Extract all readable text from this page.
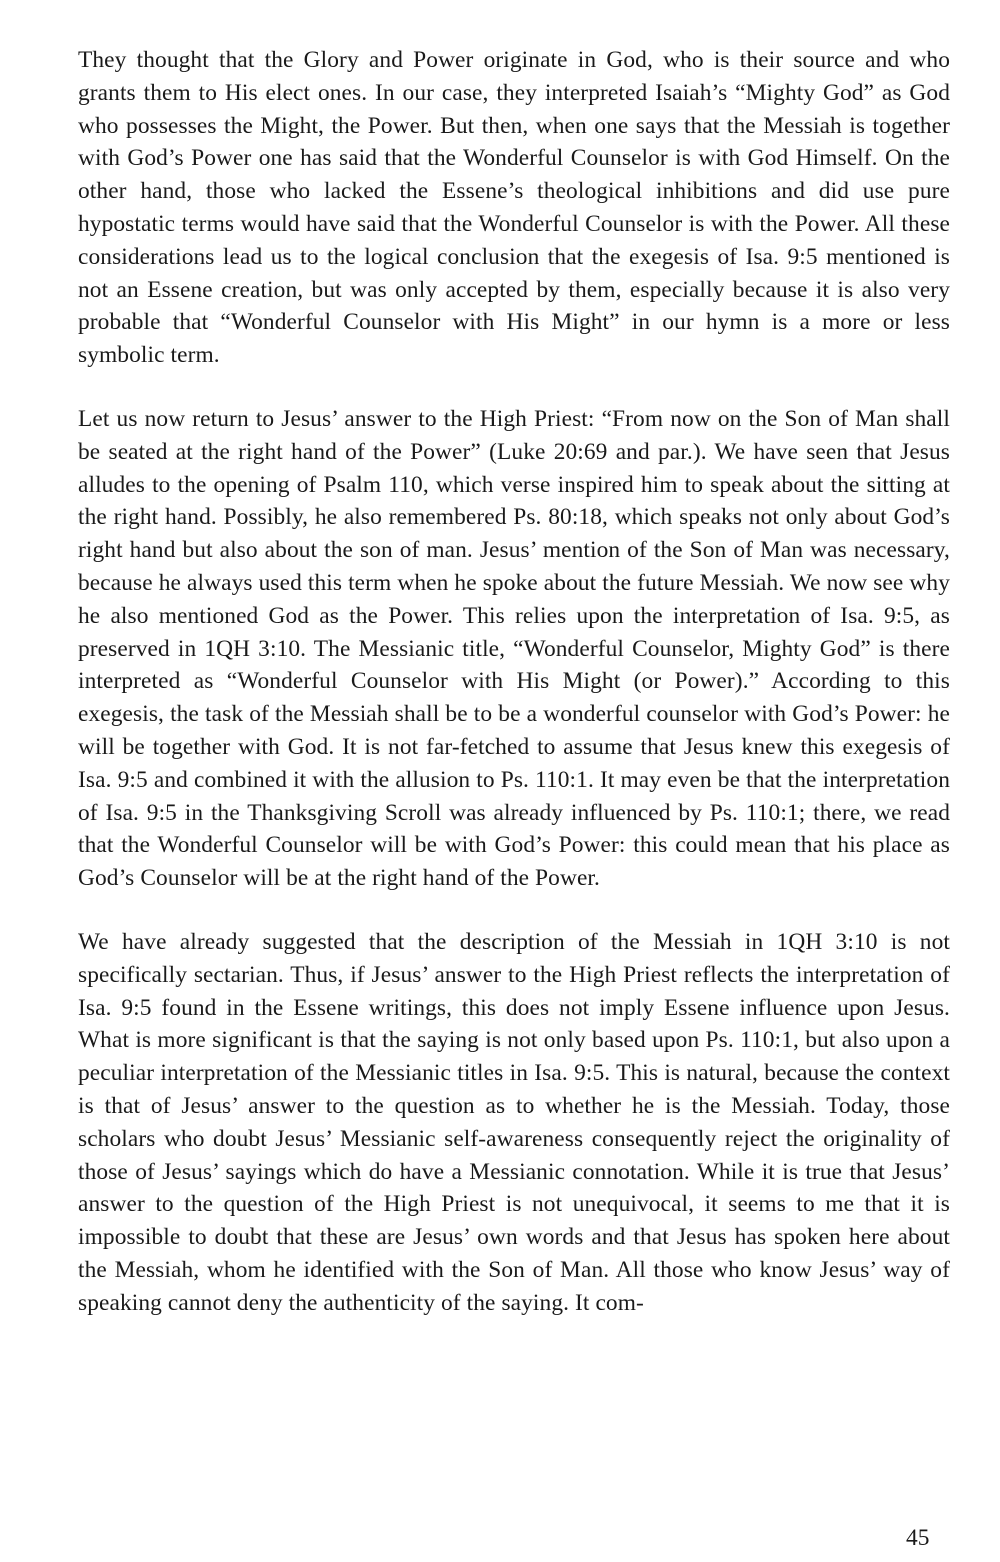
They thought that the Glory and Power originate in God, who is their source and who grants them to His elect ones. In our case, they interpreted Isaiah’s “Mighty God” as God who possesses the Might, the Power. But then, when one says that the Messiah is together with God’s Power one has said that the Wonderful Counselor is with God Himself. On the other hand, those who lacked the Essene’s theological inhibitions and did use pure hypostatic terms would have said that the Wonderful Counselor is with the Power. All these considerations lead us to the logical conclusion that the exegesis of Isa. 9:5 mentioned is not an Essene creation, but was only accepted by them, especially because it is also very probable that “Wonderful Counselor with His Might” in our hymn is a more or less symbolic term.

Let us now return to Jesus’ answer to the High Priest: “From now on the Son of Man shall be seated at the right hand of the Power” (Luke 20:69 and par.). We have seen that Jesus alludes to the opening of Psalm 110, which verse inspired him to speak about the sitting at the right hand. Possibly, he also remembered Ps. 80:18, which speaks not only about God’s right hand but also about the son of man. Jesus’ mention of the Son of Man was necessary, because he always used this term when he spoke about the future Messiah. We now see why he also mentioned God as the Power. This relies upon the interpretation of Isa. 9:5, as preserved in 1QH 3:10. The Messianic title, “Wonderful Counselor, Mighty God” is there interpreted as “Wonderful Counselor with His Might (or Power).” According to this exegesis, the task of the Messiah shall be to be a wonderful counselor with God’s Power: he will be together with God. It is not far-fetched to assume that Jesus knew this exegesis of Isa. 9:5 and combined it with the allusion to Ps. 110:1. It may even be that the interpretation of Isa. 9:5 in the Thanksgiving Scroll was already influenced by Ps. 110:1; there, we read that the Wonderful Counselor will be with God’s Power: this could mean that his place as God’s Counselor will be at the right hand of the Power.

We have already suggested that the description of the Messiah in 1QH 3:10 is not specifically sectarian. Thus, if Jesus’ answer to the High Priest reflects the interpretation of Isa. 9:5 found in the Essene writings, this does not imply Essene influence upon Jesus. What is more significant is that the saying is not only based upon Ps. 110:1, but also upon a peculiar interpretation of the Messianic titles in Isa. 9:5. This is natural, because the context is that of Jesus’ answer to the question as to whether he is the Messiah. Today, those scholars who doubt Jesus’ Messianic self-awareness consequently reject the originality of those of Jesus’ sayings which do have a Messianic connotation. While it is true that Jesus’ answer to the question of the High Priest is not unequivocal, it seems to me that it is impossible to doubt that these are Jesus’ own words and that Jesus has spoken here about the Messiah, whom he identified with the Son of Man. All those who know Jesus’ way of speaking cannot deny the authenticity of the saying. It com-

45
